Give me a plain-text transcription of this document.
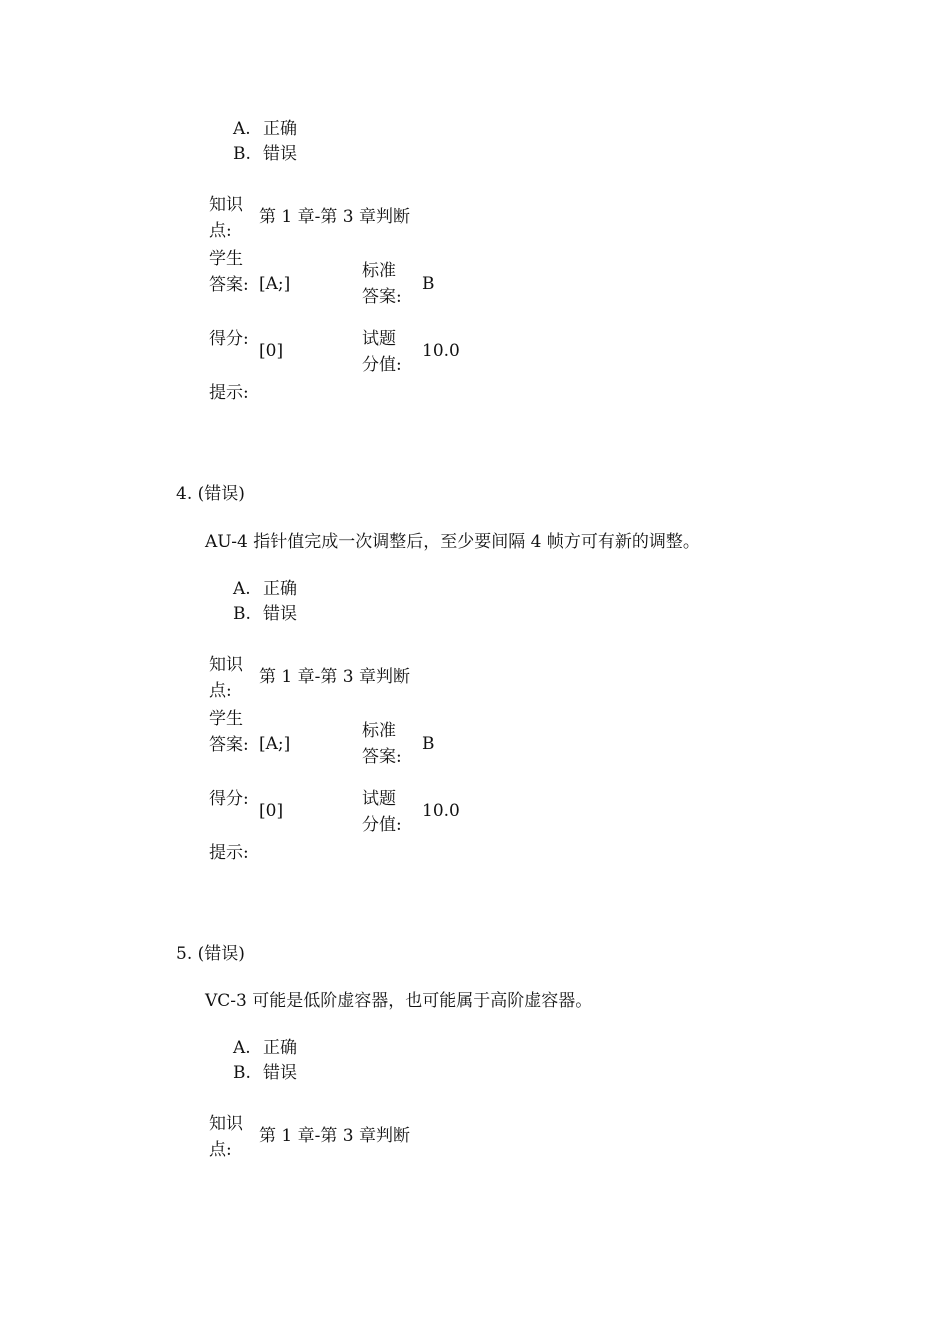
A. 正确
B. 错误
知识点:
第 1 章-第 3 章判断
学生答案: [A;]
标准答案:
B
得分:
[0]
试题分值:
10.0
提示:
4. (错误)
AU-4 指针值完成一次调整后，至少要间隔 4 帧方可有新的调整。
A. 正确
B. 错误
知识点:
第 1 章-第 3 章判断
学生答案: [A;]
标准答案:
B
得分:
[0]
试题分值:
10.0
提示:
5. (错误)
VC-3 可能是低阶虚容器，也可能属于高阶虚容器。
A. 正确
B. 错误
知识点:
第 1 章-第 3 章判断
